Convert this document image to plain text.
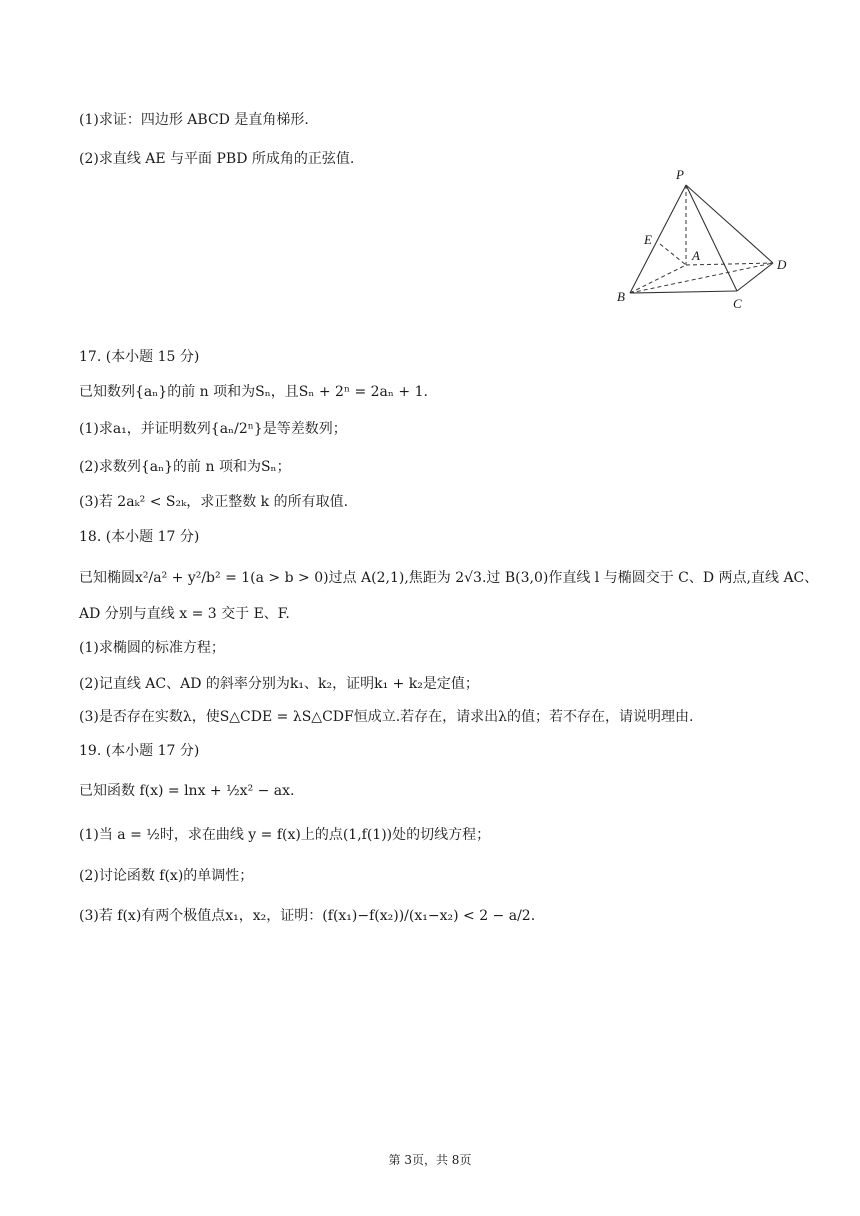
(1)求证：四边形 ABCD 是直角梯形.
(2)求直线 AE 与平面 PBD 所成角的正弦值.
P
E
A
D
B	C
17. (本小题 15 分)
已知数列{aₙ}的前 n 项和为Sₙ，且Sₙ + 2ⁿ = 2aₙ + 1.
(1)求a₁，并证明数列{aₙ/2ⁿ}是等差数列；
(2)求数列{aₙ}的前 n 项和为Sₙ；
(3)若 2aₖ² < S₂ₖ，求正整数 k 的所有取值.
18. (本小题 17 分)
已知椭圆x²/a² + y²/b² = 1(a > b > 0)过点 A(2,1),焦距为 2√3.过 B(3,0)作直线 l 与椭圆交于 C、D 两点,直线 AC、
AD 分别与直线 x = 3 交于 E、F.
(1)求椭圆的标准方程；
(2)记直线 AC、AD 的斜率分别为k₁、k₂，证明k₁ + k₂是定值；
(3)是否存在实数λ，使S△CDE = λS△CDF恒成立.若存在，请求出λ的值；若不存在，请说明理由.
19. (本小题 17 分)
已知函数 f(x) = lnx + ½x² − ax.
(1)当 a = ½时，求在曲线 y = f(x)上的点(1,f(1))处的切线方程；
(2)讨论函数 f(x)的单调性；
(3)若 f(x)有两个极值点x₁，x₂，证明：(f(x₁)−f(x₂))/(x₁−x₂) < 2 − a/2.
第 3页，共 8页
